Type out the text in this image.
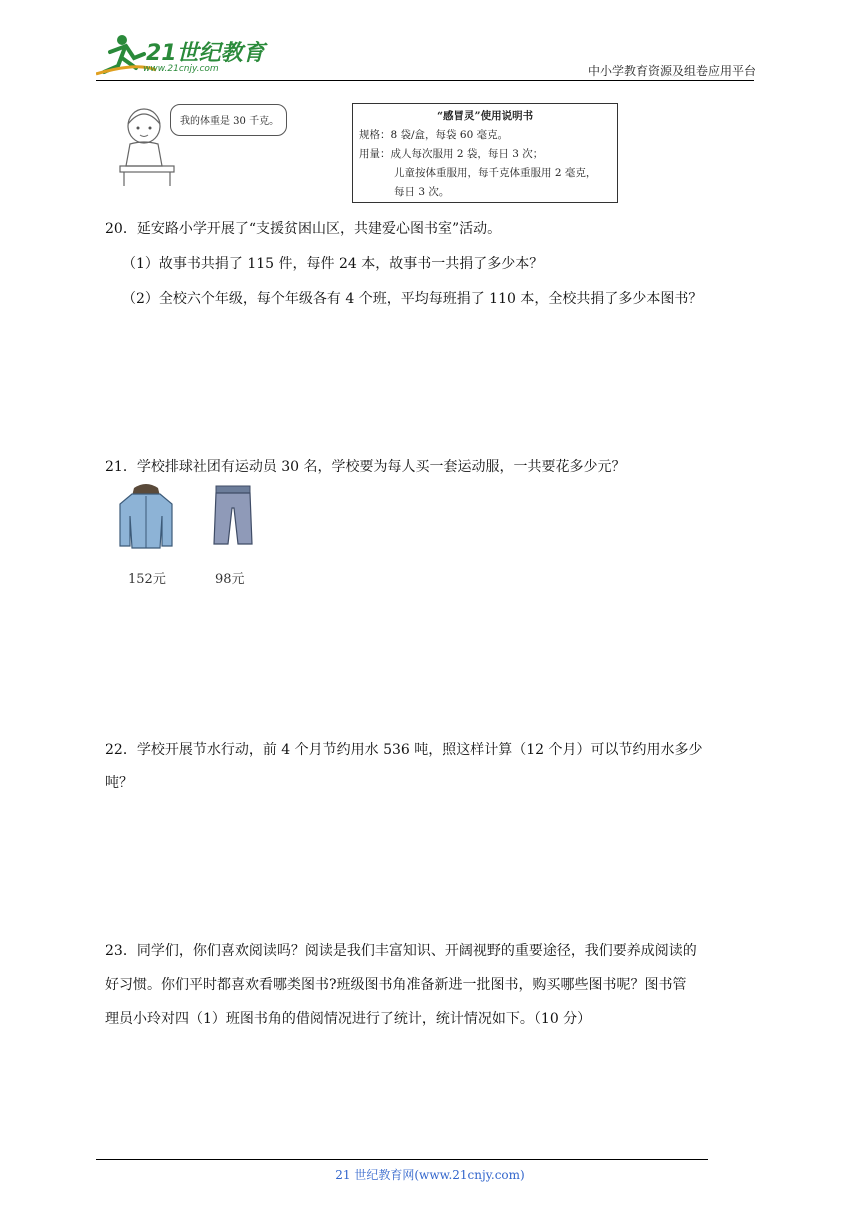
21世纪教育
www.21cnjy.com	中小学教育资源及组卷应用平台
我的体重是 30 千克。	“感冒灵”使用说明书
规格：8 袋/盒，每袋 60 毫克。
用量：成人每次服用 2 袋，每日 3 次；
儿童按体重服用，每千克体重服用 2 毫克，
每日 3 次。
20．延安路小学开展了“支援贫困山区，共建爱心图书室”活动。
（1）故事书共捐了 115 件，每件 24 本，故事书一共捐了多少本？
（2）全校六个年级，每个年级各有 4 个班，平均每班捐了 110 本，全校共捐了多少本图书？
21．学校排球社团有运动员 30 名，学校要为每人买一套运动服，一共要花多少元？
152元	98元
22．学校开展节水行动，前 4 个月节约用水 536 吨，照这样计算（12 个月）可以节约用水多少
吨？
23．同学们，你们喜欢阅读吗？阅读是我们丰富知识、开阔视野的重要途径，我们要养成阅读的
好习惯。你们平时都喜欢看哪类图书?班级图书角准备新进一批图书，购买哪些图书呢？图书管
理员小玲对四（1）班图书角的借阅情况进行了统计，统计情况如下。（10 分）
21 世纪教育网(www.21cnjy.com)
